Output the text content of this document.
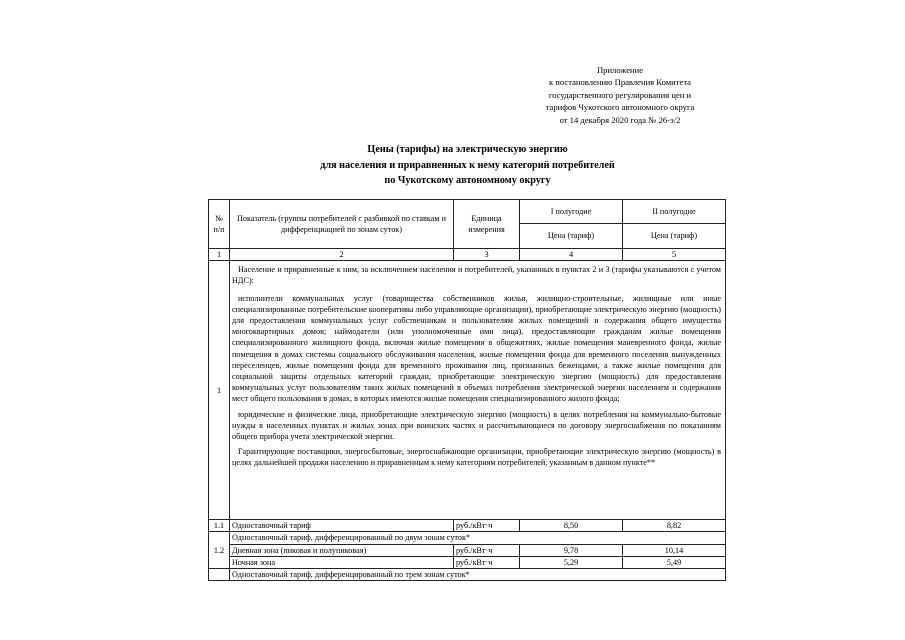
Приложение
к постановлению Правления Комитета
государственного регулирования цен и
тарифов Чукотского автономного округа
от 14 декабря 2020 года № 26-э/2
Цены (тарифы) на электрическую энергию
для населения и приравненных к нему категорий потребителей
по Чукотскому автономному округу
№ п/п	Показатель (группы потребителей с разбивкой по ставкам и дифференциацией по зонам суток)	Единица измерения	I полугодие	II полугодие
			Цена (тариф)	Цена (тариф)
1	2	3	4	5
1	Население и приравненные к ним, за исключением населения и потребителей, указанных в пунктах 2 и 3 (тарифы указываются с учетом НДС):

исполнители коммунальных услуг (товарищества собственников жилья, жилищно-строительные, жилищные или иные специализированные потребительские кооперативы либо управляющие организации), приобретающие электрическую энергию (мощность) для предоставления коммунальных услуг собственникам и пользователям жилых помещений и содержания общего имущества многоквартирных домов; наймодатели (или уполномоченные ими лица), предоставляющие гражданам жилые помещения специализированного жилищного фонда, включая жилые помещения в общежитиях, жилые помещения маневренного фонда, жилые помещения в домах системы социального обслуживания населения, жилые помещения фонда для временного поселения вынужденных переселенцев, жилые помещения фонда для временного проживания лиц, признанных беженцами, а также жилые помещения для социальной защиты отдельных категорий граждан, приобретающие электрическую энергию (мощность) для предоставления коммунальных услуг пользователям таких жилых помещений в объемах потребления электрической энергии населением и содержания мест общего пользования в домах, в которых имеются жилые помещения специализированного жилого фонда;

юридические и физические лица, приобретающие электрическую энергию (мощность) в целях потребления на коммунально-бытовые нужды в населенных пунктах и жилых зонах при воинских частях и рассчитывающиеся по договору энергоснабжения по показаниям общего прибора учета электрической энергии.

Гарантирующие поставщики, энергосбытовые, энергоснабжающие организации, приобретающие электрическую энергию (мощность) в целях дальнейшей продажи населению и приравненным к нему категориям потребителей, указанным в данном пункте**			

1.1	Одноставочный тариф	руб./кВт·ч	8,50	8,82
1.2	Одноставочный тариф, дифференцированный по двум зонам суток*			
	Дневная зона (пиковая и полупиковая)	руб./кВт·ч	9,78	10,14
	Ночная зона	руб./кВт·ч	5,29	5,49
	Одноставочный тариф, дифференцированный по трем зонам суток*			
